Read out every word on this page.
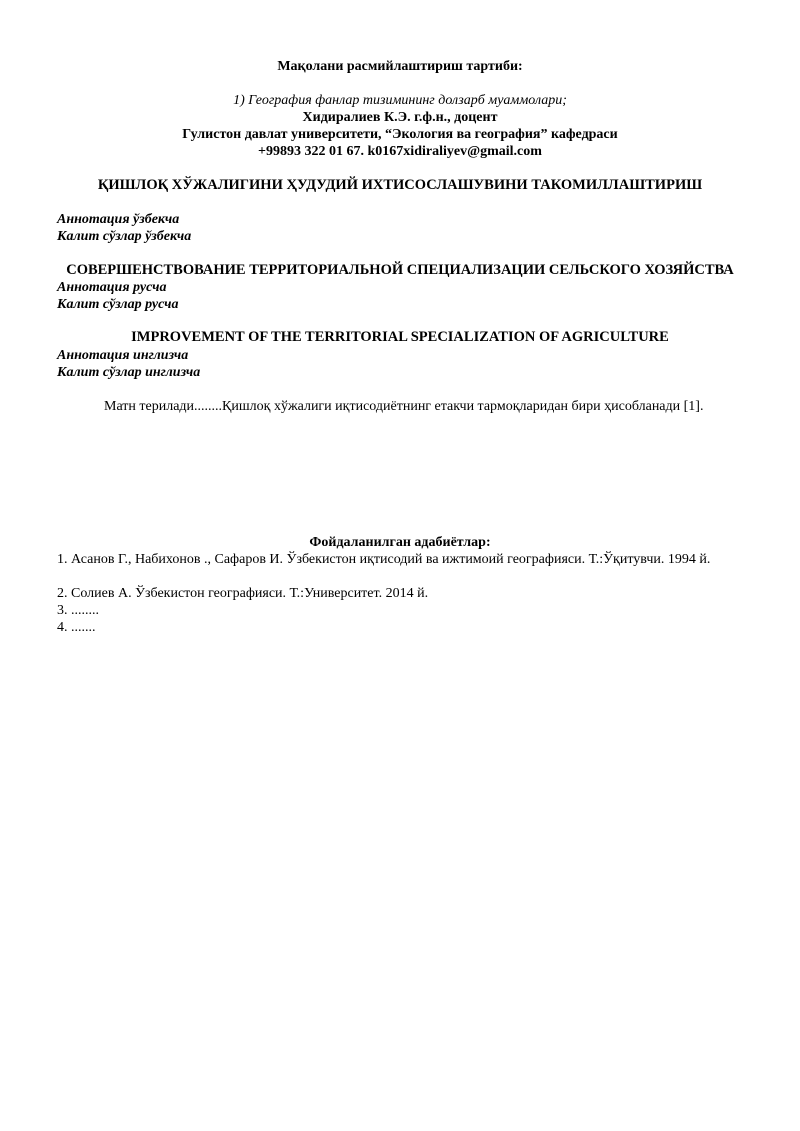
Мақолани расмийлаштириш тартиби:
1) География фанлар тизимининг долзарб муаммолари;
Хидиралиев К.Э. г.ф.н., доцент
Гулистон давлат университети, “Экология ва география” кафедраси
+99893 322 01 67. k0167xidiraliyev@gmail.com
ҚИШЛОҚ ХЎЖАЛИГИНИ ҲУДУДИЙ ИХТИСОСЛАШУВИНИ ТАКОМИЛЛАШТИРИШ
Аннотация ўзбекча
Калит сўзлар ўзбекча
СОВЕРШЕНСТВОВАНИЕ ТЕРРИТОРИАЛЬНОЙ СПЕЦИАЛИЗАЦИИ СЕЛЬСКОГО ХОЗЯЙСТВА
Аннотация русча
Калит сўзлар русча
IMPROVEMENT OF THE TERRITORIAL SPECIALIZATION OF AGRICULTURE
Аннотация инглизча
Калит сўзлар инглизча
Матн терилади........Қишлоқ хўжалиги иқтисодиётнинг етакчи тармоқларидан бири ҳисобланади [1].
Фойдаланилган адабиётлар:
1. Асанов Г., Набихонов ., Сафаров И. Ўзбекистон иқтисодий ва ижтимоий географияси. Т.:Ўқитувчи. 1994 й.
2. Солиев А. Ўзбекистон географияси. Т.:Университет. 2014 й.
3. ........
4. .......
